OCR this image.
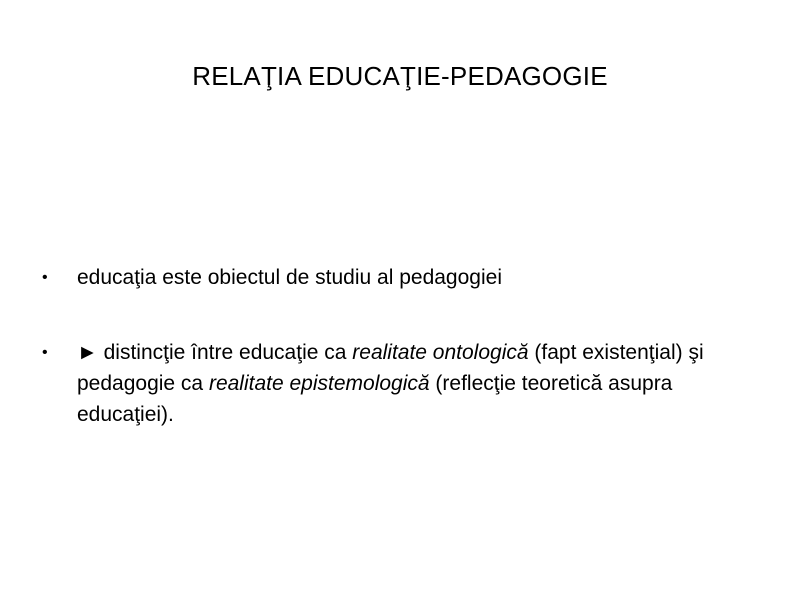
RELAŢIA EDUCAŢIE-PEDAGOGIE
• educaţia este obiectul de studiu al pedagogiei
• ► distincţie între educaţie ca realitate ontologică (fapt existenţial) şi pedagogie ca realitate epistemologică (reflecţie teoretică asupra educaţiei).
